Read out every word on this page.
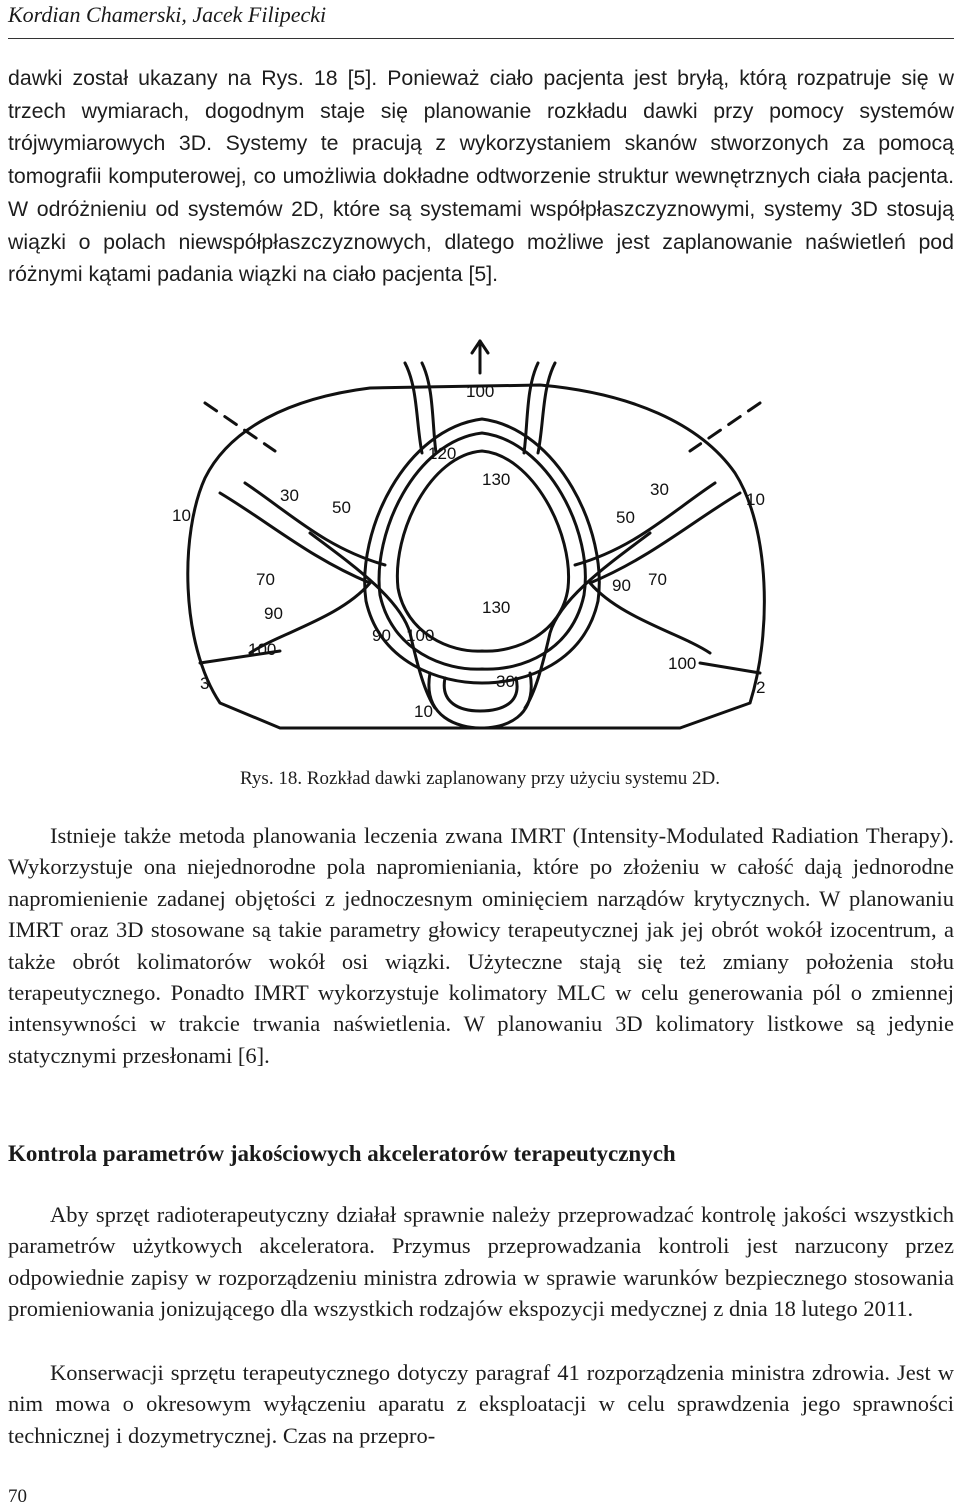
Kordian Chamerski, Jacek Filipecki

dawki został ukazany na Rys. 18 [5]. Ponieważ ciało pacjenta jest bryłą, którą rozpatruje się w trzech wymiarach, dogodnym staje się planowanie rozkładu dawki przy pomocy systemów trójwymiarowych 3D. Systemy te pracują z wykorzystaniem skanów stworzonych za pomocą tomografii komputerowej, co umożliwia dokładne odtworzenie struktur wewnętrznych ciała pacjenta. W odróżnieniu od systemów 2D, które są systemami współpłaszczyznowymi, systemy 3D stosują wiązki o polach niewspółpłaszczyznowych, dlatego możliwe jest zaplanowanie naświetleń pod różnymi kątami padania wiązki na ciało pacjenta [5].

100
120
130
130
30
50
10	50
30
10
70
90
100
90 100
30
10
90 70
100
2
3
Rys. 18. Rozkład dawki zaplanowany przy użyciu systemu 2D.

Istnieje także metoda planowania leczenia zwana IMRT (Intensity-Modulated Radiation Therapy). Wykorzystuje ona niejednorodne pola napromieniania, które po złożeniu w całość dają jednorodne napromienienie zadanej objętości z jednoczesnym ominięciem narządów krytycznych. W planowaniu IMRT oraz 3D stosowane są takie parametry głowicy terapeutycznej jak jej obrót wokół izocentrum, a także obrót kolimatorów wokół osi wiązki. Użyteczne stają się też zmiany położenia stołu terapeutycznego. Ponadto IMRT wykorzystuje kolimatory MLC w celu generowania pól o zmiennej intensywności w trakcie trwania naświetlenia. W planowaniu 3D kolimatory listkowe są jedynie statycznymi przesłonami [6].

Kontrola parametrów jakościowych akceleratorów terapeutycznych

Aby sprzęt radioterapeutyczny działał sprawnie należy przeprowadzać kontrolę jakości wszystkich parametrów użytkowych akceleratora. Przymus przeprowadzania kontroli jest narzucony przez odpowiednie zapisy w rozporządzeniu ministra zdrowia w sprawie warunków bezpiecznego stosowania promieniowania jonizującego dla wszystkich rodzajów ekspozycji medycznej z dnia 18 lutego 2011.

Konserwacji sprzętu terapeutycznego dotyczy paragraf 41 rozporządzenia ministra zdrowia. Jest w nim mowa o okresowym wyłączeniu aparatu z eksploatacji w celu sprawdzenia jego sprawności technicznej i dozymetrycznej. Czas na przepro-

70
